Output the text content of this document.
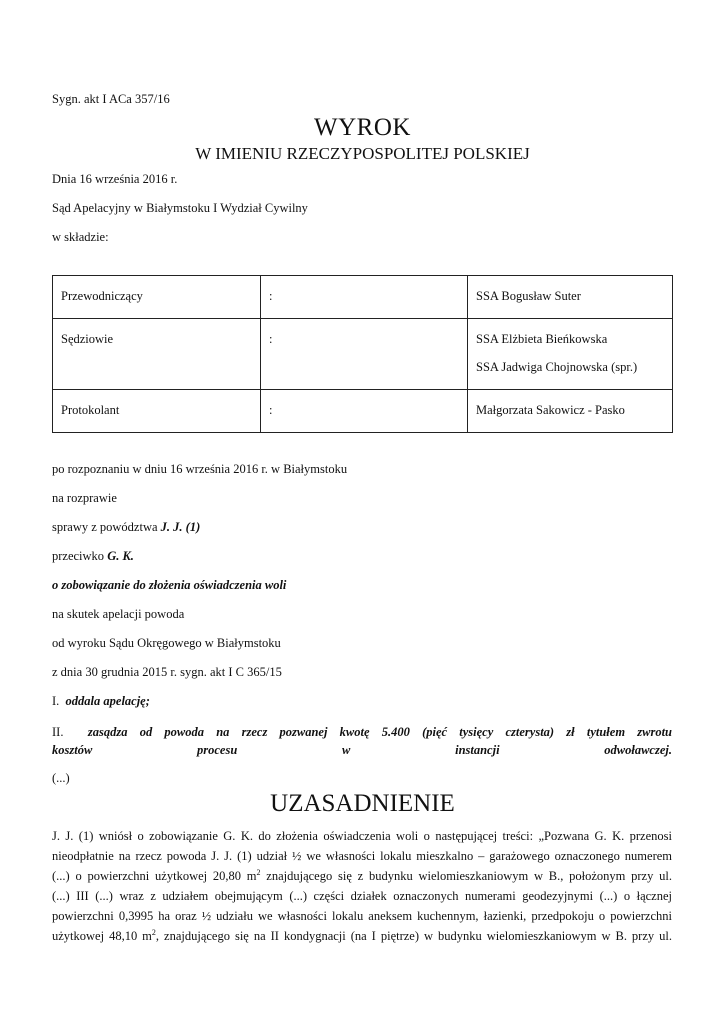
Sygn. akt I ACa 357/16
WYROK
W IMIENIU RZECZYPOSPOLITEJ POLSKIEJ
Dnia 16 września 2016 r.
Sąd Apelacyjny w Białymstoku I Wydział Cywilny
w składzie:
Przewodniczący	:	SSA Bogusław Suter

Sędziowie	:	SSA Elżbieta Bieńkowska
SSA Jadwiga Chojnowska (spr.)

Protokolant	:	Małgorzata Sakowicz - Pasko
po rozpoznaniu w dniu 16 września 2016 r. w Białymstoku
na rozprawie
sprawy z powództwa J. J. (1)
przeciwko G. K.
o zobowiązanie do złożenia oświadczenia woli
na skutek apelacji powoda
od wyroku Sądu Okręgowego w Białymstoku
z dnia 30 grudnia 2015 r. sygn. akt I C 365/15
I. oddala apelację;
II. zasądza od powoda na rzecz pozwanej kwotę 5.400 (pięć tysięcy czterysta) zł tytułem zwrotu
kosztów procesu w instancji odwoławczej.
(...)
UZASADNIENIE
J. J. (1) wniósł o zobowiązanie G. K. do złożenia oświadczenia woli o następującej treści: „Pozwana G. K. przenosi
nieodpłatnie na rzecz powoda J. J. (1) udział ½ we własności lokalu mieszkalno – garażowego oznaczonego numerem
(...) o powierzchni użytkowej 20,80 $m^2$ znajdującego się z budynku wielomieszkaniowym w B., położonym przy ul.
(...) III (...) wraz z udziałem obejmującym (...) części działek oznaczonych numerami geodezyjnymi (...) o łącznej
powierzchni 0,3995 ha oraz ½ udziału we własności lokalu aneksem kuchennym, łazienki, przedpokoju o powierzchni
użytkowej 48,10 $m^2$, znajdującego się na II kondygnacji (na I piętrze) w budynku wielomieszkaniowym w B. przy ul.
